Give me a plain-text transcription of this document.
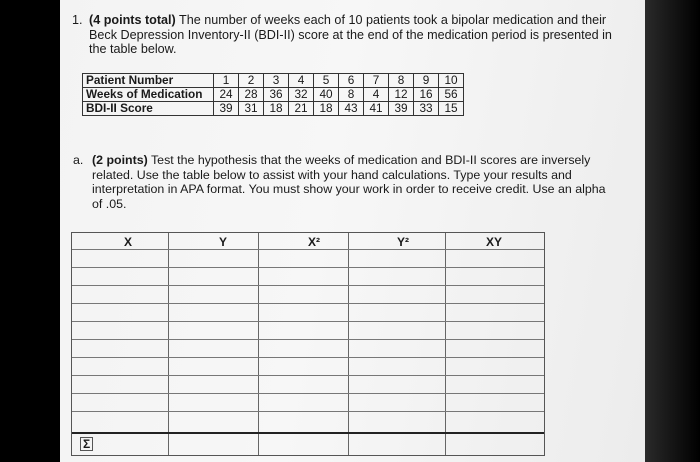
1. (4 points total) The number of weeks each of 10 patients took a bipolar medication and their Beck Depression Inventory-II (BDI-II) score at the end of the medication period is presented in the table below.
Patient Number	1	2	3	4	5	6	7	8	9	10
Weeks of Medication	24	28	36	32	40	8	4	12	16	56
BDI-II Score	39	31	18	21	18	43	41	39	33	15
a. (2 points) Test the hypothesis that the weeks of medication and BDI-II scores are inversely related. Use the table below to assist with your hand calculations. Type your results and interpretation in APA format. You must show your work in order to receive credit. Use an alpha of .05.
X	Y	X²	Y²	XY
Σ
